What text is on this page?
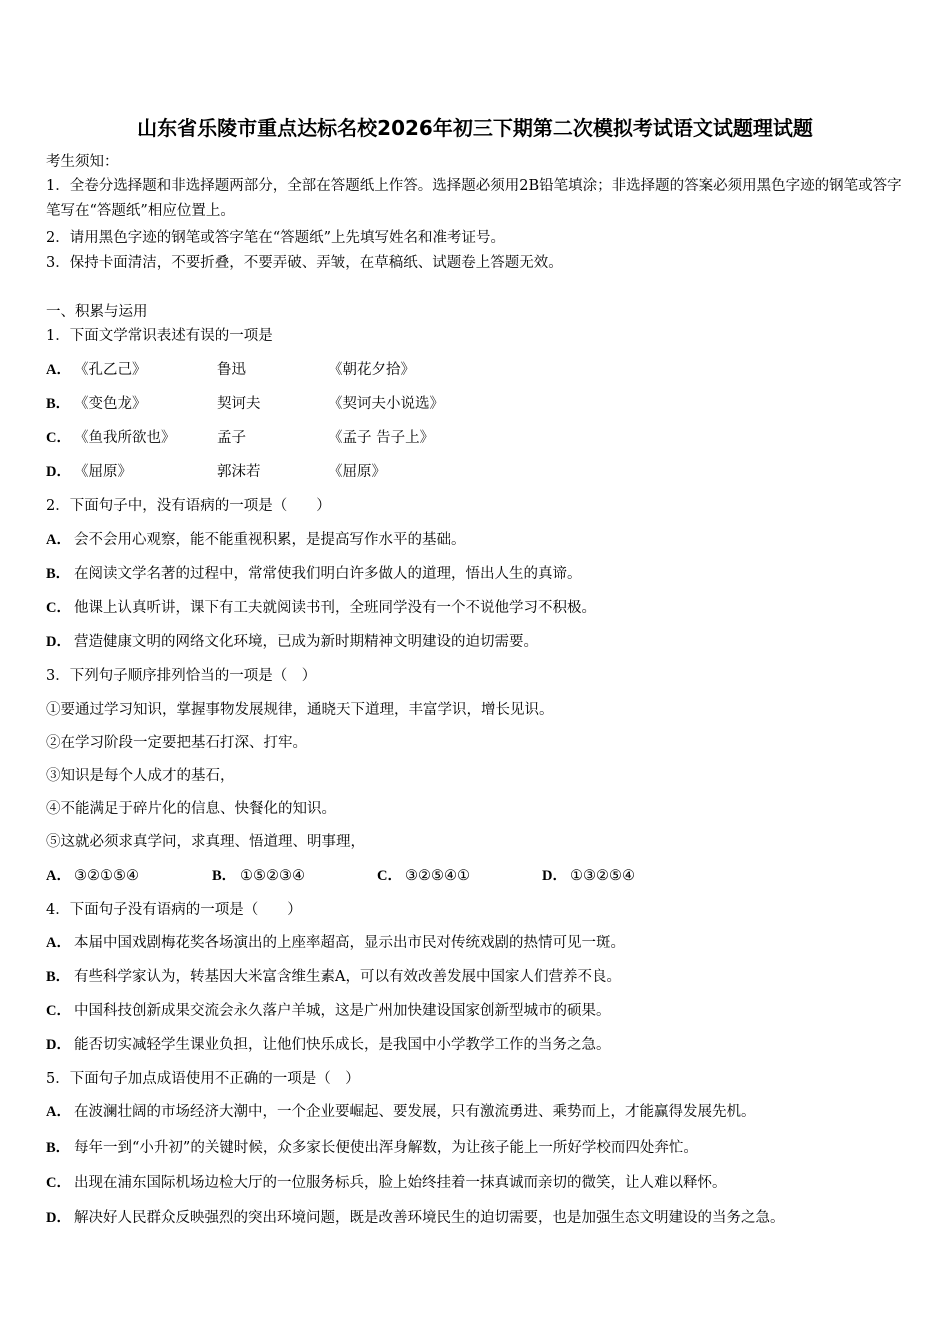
山东省乐陵市重点达标名校2026年初三下期第二次模拟考试语文试题理试题
考生须知：
1．全卷分选择题和非选择题两部分，全部在答题纸上作答。选择题必须用2B铅笔填涂；非选择题的答案必须用黑色字迹的钢笔或答字笔写在“答题纸”相应位置上。
2．请用黑色字迹的钢笔或答字笔在“答题纸”上先填写姓名和准考证号。
3．保持卡面清洁，不要折叠，不要弄破、弄皱，在草稿纸、试题卷上答题无效。
一、积累与运用
1．下面文学常识表述有误的一项是
A． 《孔乙己》	鲁迅	《朝花夕拾》
B． 《变色龙》	契诃夫	《契诃夫小说选》
C． 《鱼我所欲也》	孟子	《孟子 告子上》
D． 《屈原》	郭沫若	《屈原》
2．下面句子中，没有语病的一项是（　　）
A． 会不会用心观察，能不能重视积累，是提高写作水平的基础。
B． 在阅读文学名著的过程中，常常使我们明白许多做人的道理，悟出人生的真谛。
C． 他课上认真听讲，课下有工夫就阅读书刊，全班同学没有一个不说他学习不积极。
D． 营造健康文明的网络文化环境，已成为新时期精神文明建设的迫切需要。
3．下列句子顺序排列恰当的一项是（　）
①要通过学习知识，掌握事物发展规律，通晓天下道理，丰富学识，增长见识。
②在学习阶段一定要把基石打深、打牢。
③知识是每个人成才的基石，
④不能满足于碎片化的信息、快餐化的知识。
⑤这就必须求真学问，求真理、悟道理、明事理，
A． ③②①⑤④	B． ①⑤②③④	C． ③②⑤④①	D． ①③②⑤④
4．下面句子没有语病的一项是（　　）
A． 本届中国戏剧梅花奖各场演出的上座率超高，显示出市民对传统戏剧的热情可见一斑。
B． 有些科学家认为，转基因大米富含维生素A，可以有效改善发展中国家人们营养不良。
C． 中国科技创新成果交流会永久落户羊城，这是广州加快建设国家创新型城市的硕果。
D． 能否切实减轻学生课业负担，让他们快乐成长，是我国中小学教学工作的当务之急。
5．下面句子加点成语使用不正确的一项是（　）
A． 在波澜壮阔的市场经济大潮中，一个企业要崛起、要发展，只有激流勇进、乘势而上，才能赢得发展先机。
B． 每年一到“小升初”的关键时候，众多家长便使出浑身解数，为让孩子能上一所好学校而四处奔忙。
C． 出现在浦东国际机场边检大厅的一位服务标兵，脸上始终挂着一抹真诚而亲切的微笑，让人难以释怀。
D． 解决好人民群众反映强烈的突出环境问题，既是改善环境民生的迫切需要，也是加强生态文明建设的当务之急。
